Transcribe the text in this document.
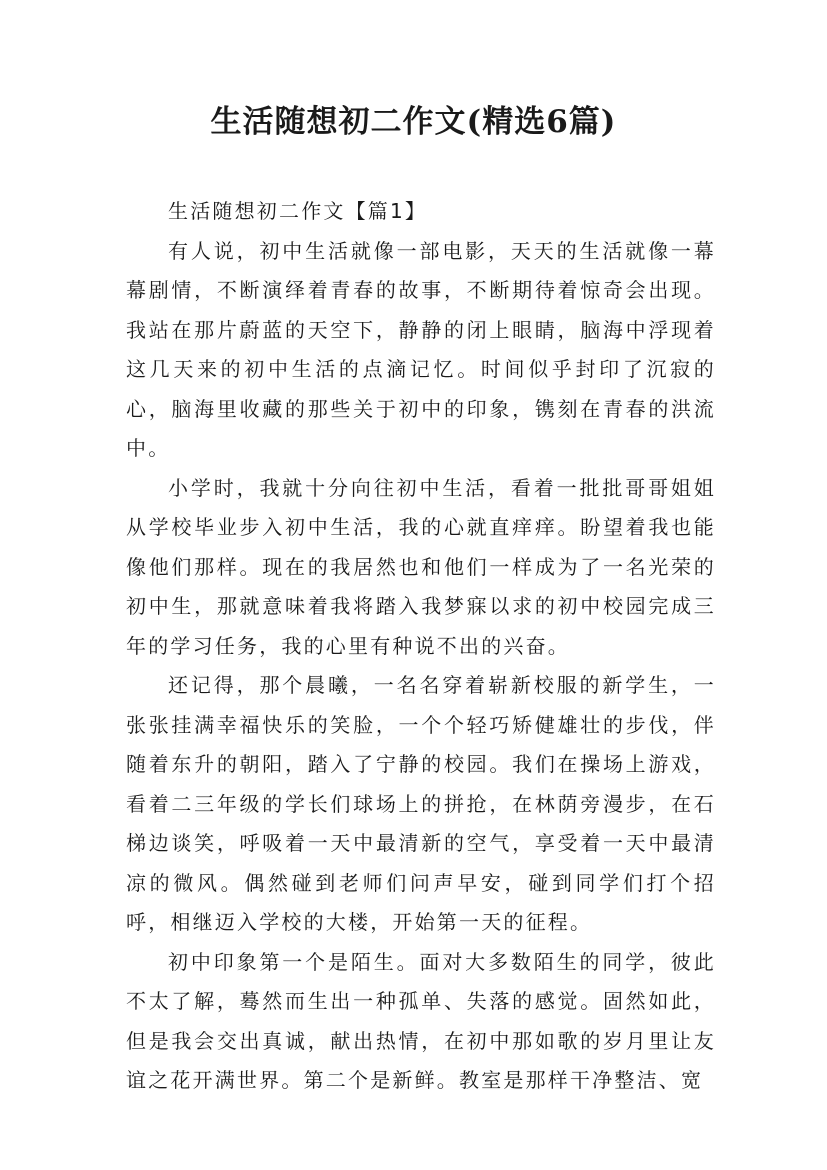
生活随想初二作文(精选6篇)

生活随想初二作文【篇1】

有人说，初中生活就像一部电影，天天的生活就像一幕幕剧情，不断演绎着青春的故事，不断期待着惊奇会出现。我站在那片蔚蓝的天空下，静静的闭上眼睛，脑海中浮现着这几天来的初中生活的点滴记忆。时间似乎封印了沉寂的心，脑海里收藏的那些关于初中的印象，镌刻在青春的洪流中。

小学时，我就十分向往初中生活，看着一批批哥哥姐姐从学校毕业步入初中生活，我的心就直痒痒。盼望着我也能像他们那样。现在的我居然也和他们一样成为了一名光荣的初中生，那就意味着我将踏入我梦寐以求的初中校园完成三年的学习任务，我的心里有种说不出的兴奋。

还记得，那个晨曦，一名名穿着崭新校服的新学生，一张张挂满幸福快乐的笑脸，一个个轻巧矫健雄壮的步伐，伴随着东升的朝阳，踏入了宁静的校园。我们在操场上游戏，看着二三年级的学长们球场上的拼抢，在林荫旁漫步，在石梯边谈笑，呼吸着一天中最清新的空气，享受着一天中最清凉的微风。偶然碰到老师们问声早安，碰到同学们打个招呼，相继迈入学校的大楼，开始第一天的征程。

初中印象第一个是陌生。面对大多数陌生的同学，彼此不太了解，蓦然而生出一种孤单、失落的感觉。固然如此，但是我会交出真诚，献出热情，在初中那如歌的岁月里让友谊之花开满世界。第二个是新鲜。教室是那样干净整洁、宽
